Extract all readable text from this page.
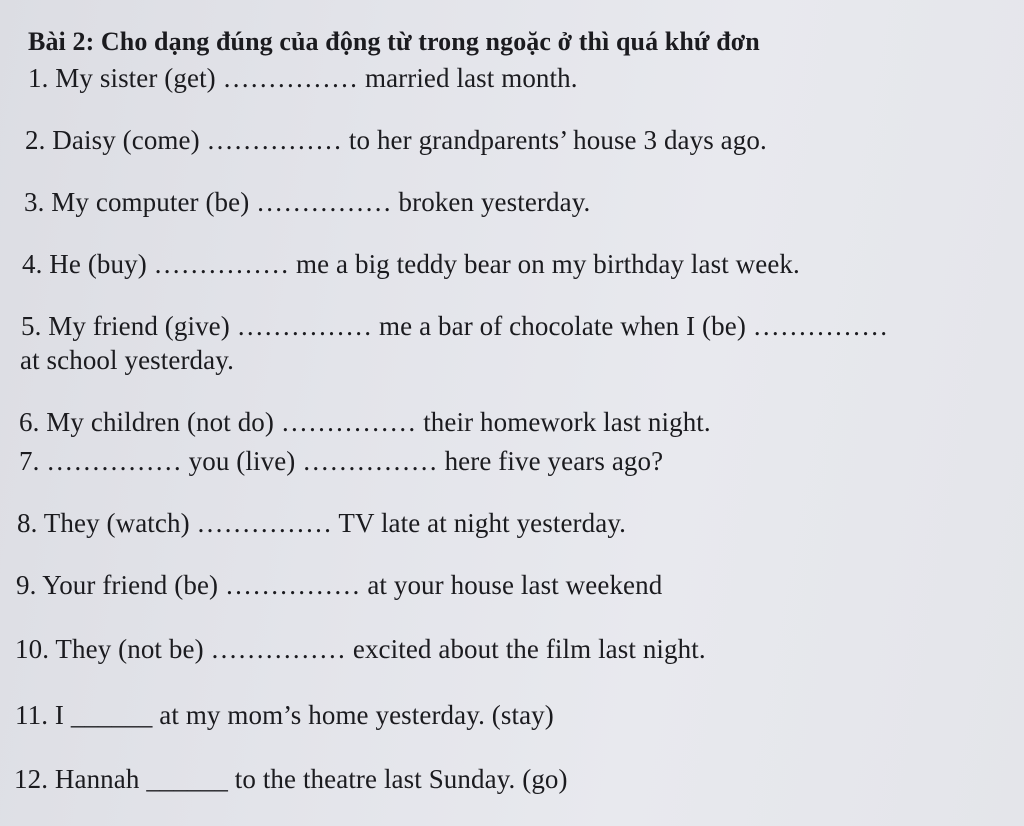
Bài 2: Cho dạng đúng của động từ trong ngoặc ở thì quá khứ đơn
1. My sister (get) …………… married last month.
2. Daisy (come) …………… to her grandparents’ house 3 days ago.
3. My computer (be) …………… broken yesterday.
4. He (buy) …………… me a big teddy bear on my birthday last week.
5. My friend (give) …………… me a bar of chocolate when I (be) ……………
at school yesterday.
6. My children (not do) …………… their homework last night.
7. …………… you (live) …………… here five years ago?
8. They (watch) …………… TV late at night yesterday.
9. Your friend (be) …………… at your house last weekend
10. They (not be) …………… excited about the film last night.
11. I ______ at my mom’s home yesterday. (stay)
12. Hannah ______ to the theatre last Sunday. (go)
